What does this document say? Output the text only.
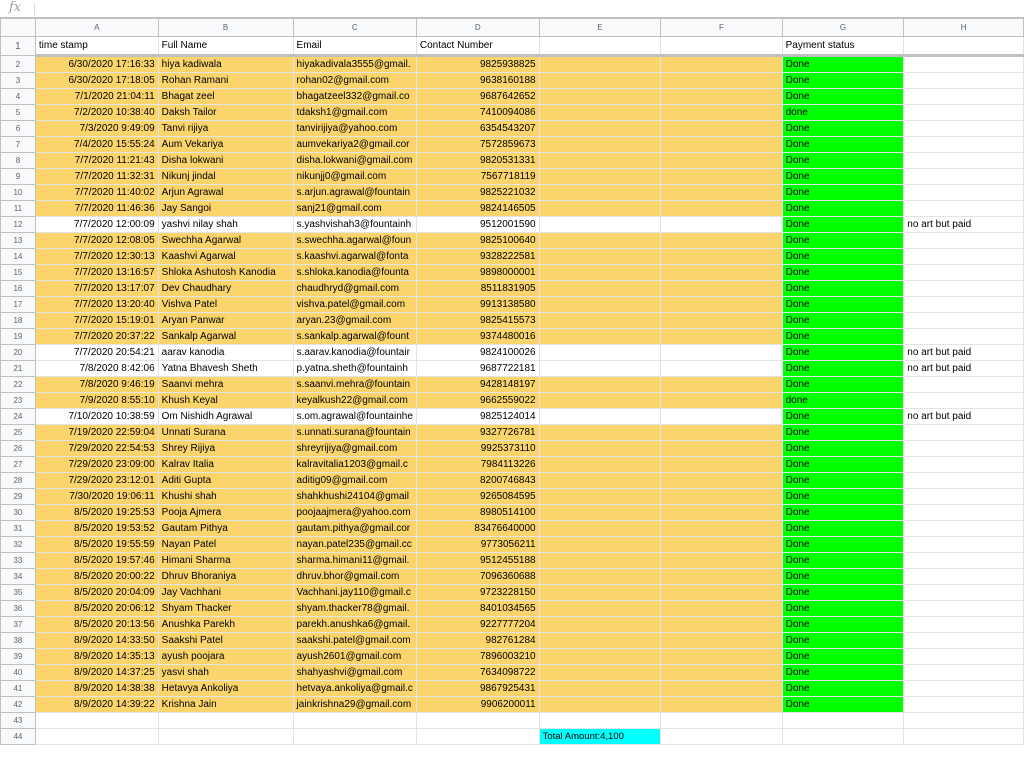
fx
	A	B	C	D	E	F	G	H
1	time stamp	Full Name	Email	Contact Number			Payment status	
2	6/30/2020 17:16:33	hiya kadiwala	hiyakadivala3555@gmail.	9825938825			Done	
3	6/30/2020 17:18:05	Rohan Ramani	rohan02@gmail.com	9638160188			Done	
4	7/1/2020 21:04:11	Bhagat zeel	bhagatzeel332@gmail.co	9687642652			Done	
5	7/2/2020 10:38:40	Daksh Tailor	tdaksh1@gmail.com	7410094086			done	
6	7/3/2020 9:49:09	Tanvi rijiya	tanvirijiya@yahoo.com	6354543207			Done	
7	7/4/2020 15:55:24	Aum Vekariya	aumvekariya2@gmail.cor	7572859673			Done	
8	7/7/2020 11:21:43	Disha lokwani	disha.lokwani@gmail.com	9820531331			Done	
9	7/7/2020 11:32:31	Nikunj jindal	nikunjj0@gmail.com	7567718119			Done	
10	7/7/2020 11:40:02	Arjun Agrawal	s.arjun.agrawal@fountain	9825221032			Done	
11	7/7/2020 11:46:36	Jay Sangoi	sanj21@gmail.com	9824146505			Done	
12	7/7/2020 12:00:09	yashvi nilay shah	s.yashvishah3@fountainh	9512001590			Done	no art but paid
13	7/7/2020 12:08:05	Swechha Agarwal	s.swechha.agarwal@foun	9825100640			Done	
14	7/7/2020 12:30:13	Kaashvi Agarwal	s.kaashvi.agarwal@fonta	9328222581			Done	
15	7/7/2020 13:16:57	Shloka Ashutosh Kanodia	s.shloka.kanodia@founta	9898000001			Done	
16	7/7/2020 13:17:07	Dev Chaudhary	chaudhryd@gmail.com	8511831905			Done	
17	7/7/2020 13:20:40	Vishva Patel	vishva.patel@gmail.com	9913138580			Done	
18	7/7/2020 15:19:01	Aryan Panwar	aryan.23@gmail.com	9825415573			Done	
19	7/7/2020 20:37:22	Sankalp Agarwal	s.sankalp.agarwal@fount	9374480016			Done	
20	7/7/2020 20:54:21	aarav kanodia	s.aarav.kanodia@fountair	9824100026			Done	no art but paid
21	7/8/2020 8:42:06	Yatna Bhavesh Sheth	p.yatna.sheth@fountainh	9687722181			Done	no art but paid
22	7/8/2020 9:46:19	Saanvi mehra	s.saanvi.mehra@fountain	9428148197			Done	
23	7/9/2020 8:55:10	Khush Keyal	keyalkush22@gmail.com	9662559022			done	
24	7/10/2020 10:38:59	Om Nishidh Agrawal	s.om.agrawal@fountainhe	9825124014			Done	no art but paid
25	7/19/2020 22:59:04	Unnati Surana	s.unnati.surana@fountain	9327726781			Done	
26	7/29/2020 22:54:53	Shrey Rijiya	shreyrijiya@gmail.com	9925373110			Done	
27	7/29/2020 23:09:00	Kalrav Italia	kalravitalia1203@gmail.c	7984113226			Done	
28	7/29/2020 23:12:01	Aditi Gupta	aditig09@gmail.com	8200746843			Done	
29	7/30/2020 19:06:11	Khushi shah	shahkhushi24104@gmail	9265084595			Done	
30	8/5/2020 19:25:53	Pooja Ajmera	poojaajmera@yahoo.com	8980514100			Done	
31	8/5/2020 19:53:52	Gautam Pithya	gautam.pithya@gmail.cor	83476640000			Done	
32	8/5/2020 19:55:59	Nayan Patel	nayan.patel235@gmail.cc	9773056211			Done	
33	8/5/2020 19:57:46	Himani Sharma	sharma.himani11@gmail.	9512455188			Done	
34	8/5/2020 20:00:22	Dhruv Bhoraniya	dhruv.bhor@gmail.com	7096360688			Done	
35	8/5/2020 20:04:09	Jay Vachhani	Vachhani.jay110@gmail.c	9723228150			Done	
36	8/5/2020 20:06:12	Shyam Thacker	shyam.thacker78@gmail.	8401034565			Done	
37	8/5/2020 20:13:56	Anushka Parekh	parekh.anushka6@gmail.	9227777204			Done	
38	8/9/2020 14:33:50	Saakshi Patel	saakshi.patel@gmail.com	982761284			Done	
39	8/9/2020 14:35:13	ayush poojara	ayush2601@gmail.com	7896003210			Done	
40	8/9/2020 14:37:25	yasvi shah	shahyashvi@gmail.com	7634098722			Done	
41	8/9/2020 14:38:38	Hetavya Ankoliya	hetvaya.ankoliya@gmail.c	9867925431			Done	
42	8/9/2020 14:39:22	Krishna Jain	jainkrishna29@gmail.com	9906200011			Done	
43								
44					Total Amount:4,100			
